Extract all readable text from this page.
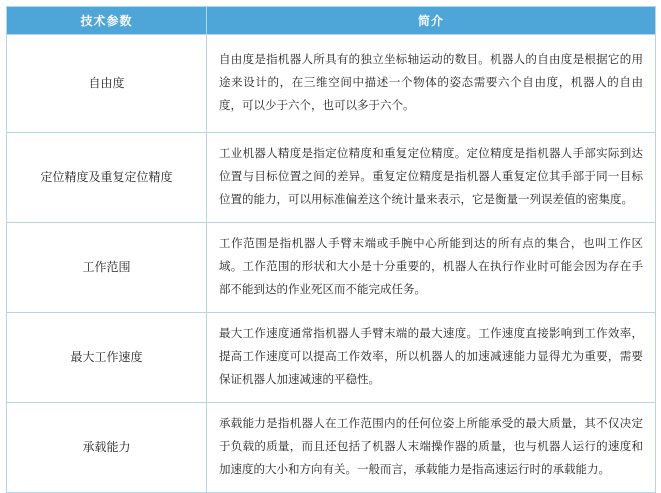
技术参数	简介
自由度	自由度是指机器人所具有的独立坐标轴运动的数目。机器人的自由度是根据它的用途来设计的，在三维空间中描述一个物体的姿态需要六个自由度，机器人的自由度，可以少于六个，也可以多于六个。
定位精度及重复定位精度	工业机器人精度是指定位精度和重复定位精度。定位精度是指机器人手部实际到达位置与目标位置之间的差异。重复定位精度是指机器人重复定位其手部于同一目标位置的能力，可以用标准偏差这个统计量来表示，它是衡量一列误差值的密集度。
工作范围	工作范围是指机器人手臂末端或手腕中心所能到达的所有点的集合，也叫工作区域。工作范围的形状和大小是十分重要的，机器人在执行作业时可能会因为存在手部不能到达的作业死区而不能完成任务。
最大工作速度	最大工作速度通常指机器人手臂末端的最大速度。工作速度直接影响到工作效率，提高工作速度可以提高工作效率，所以机器人的加速减速能力显得尤为重要，需要保证机器人加速减速的平稳性。
承载能力	承载能力是指机器人在工作范围内的任何位姿上所能承受的最大质量，其不仅决定于负载的质量，而且还包括了机器人末端操作器的质量，也与机器人运行的速度和加速度的大小和方向有关。一般而言，承载能力是指高速运行时的承载能力。
